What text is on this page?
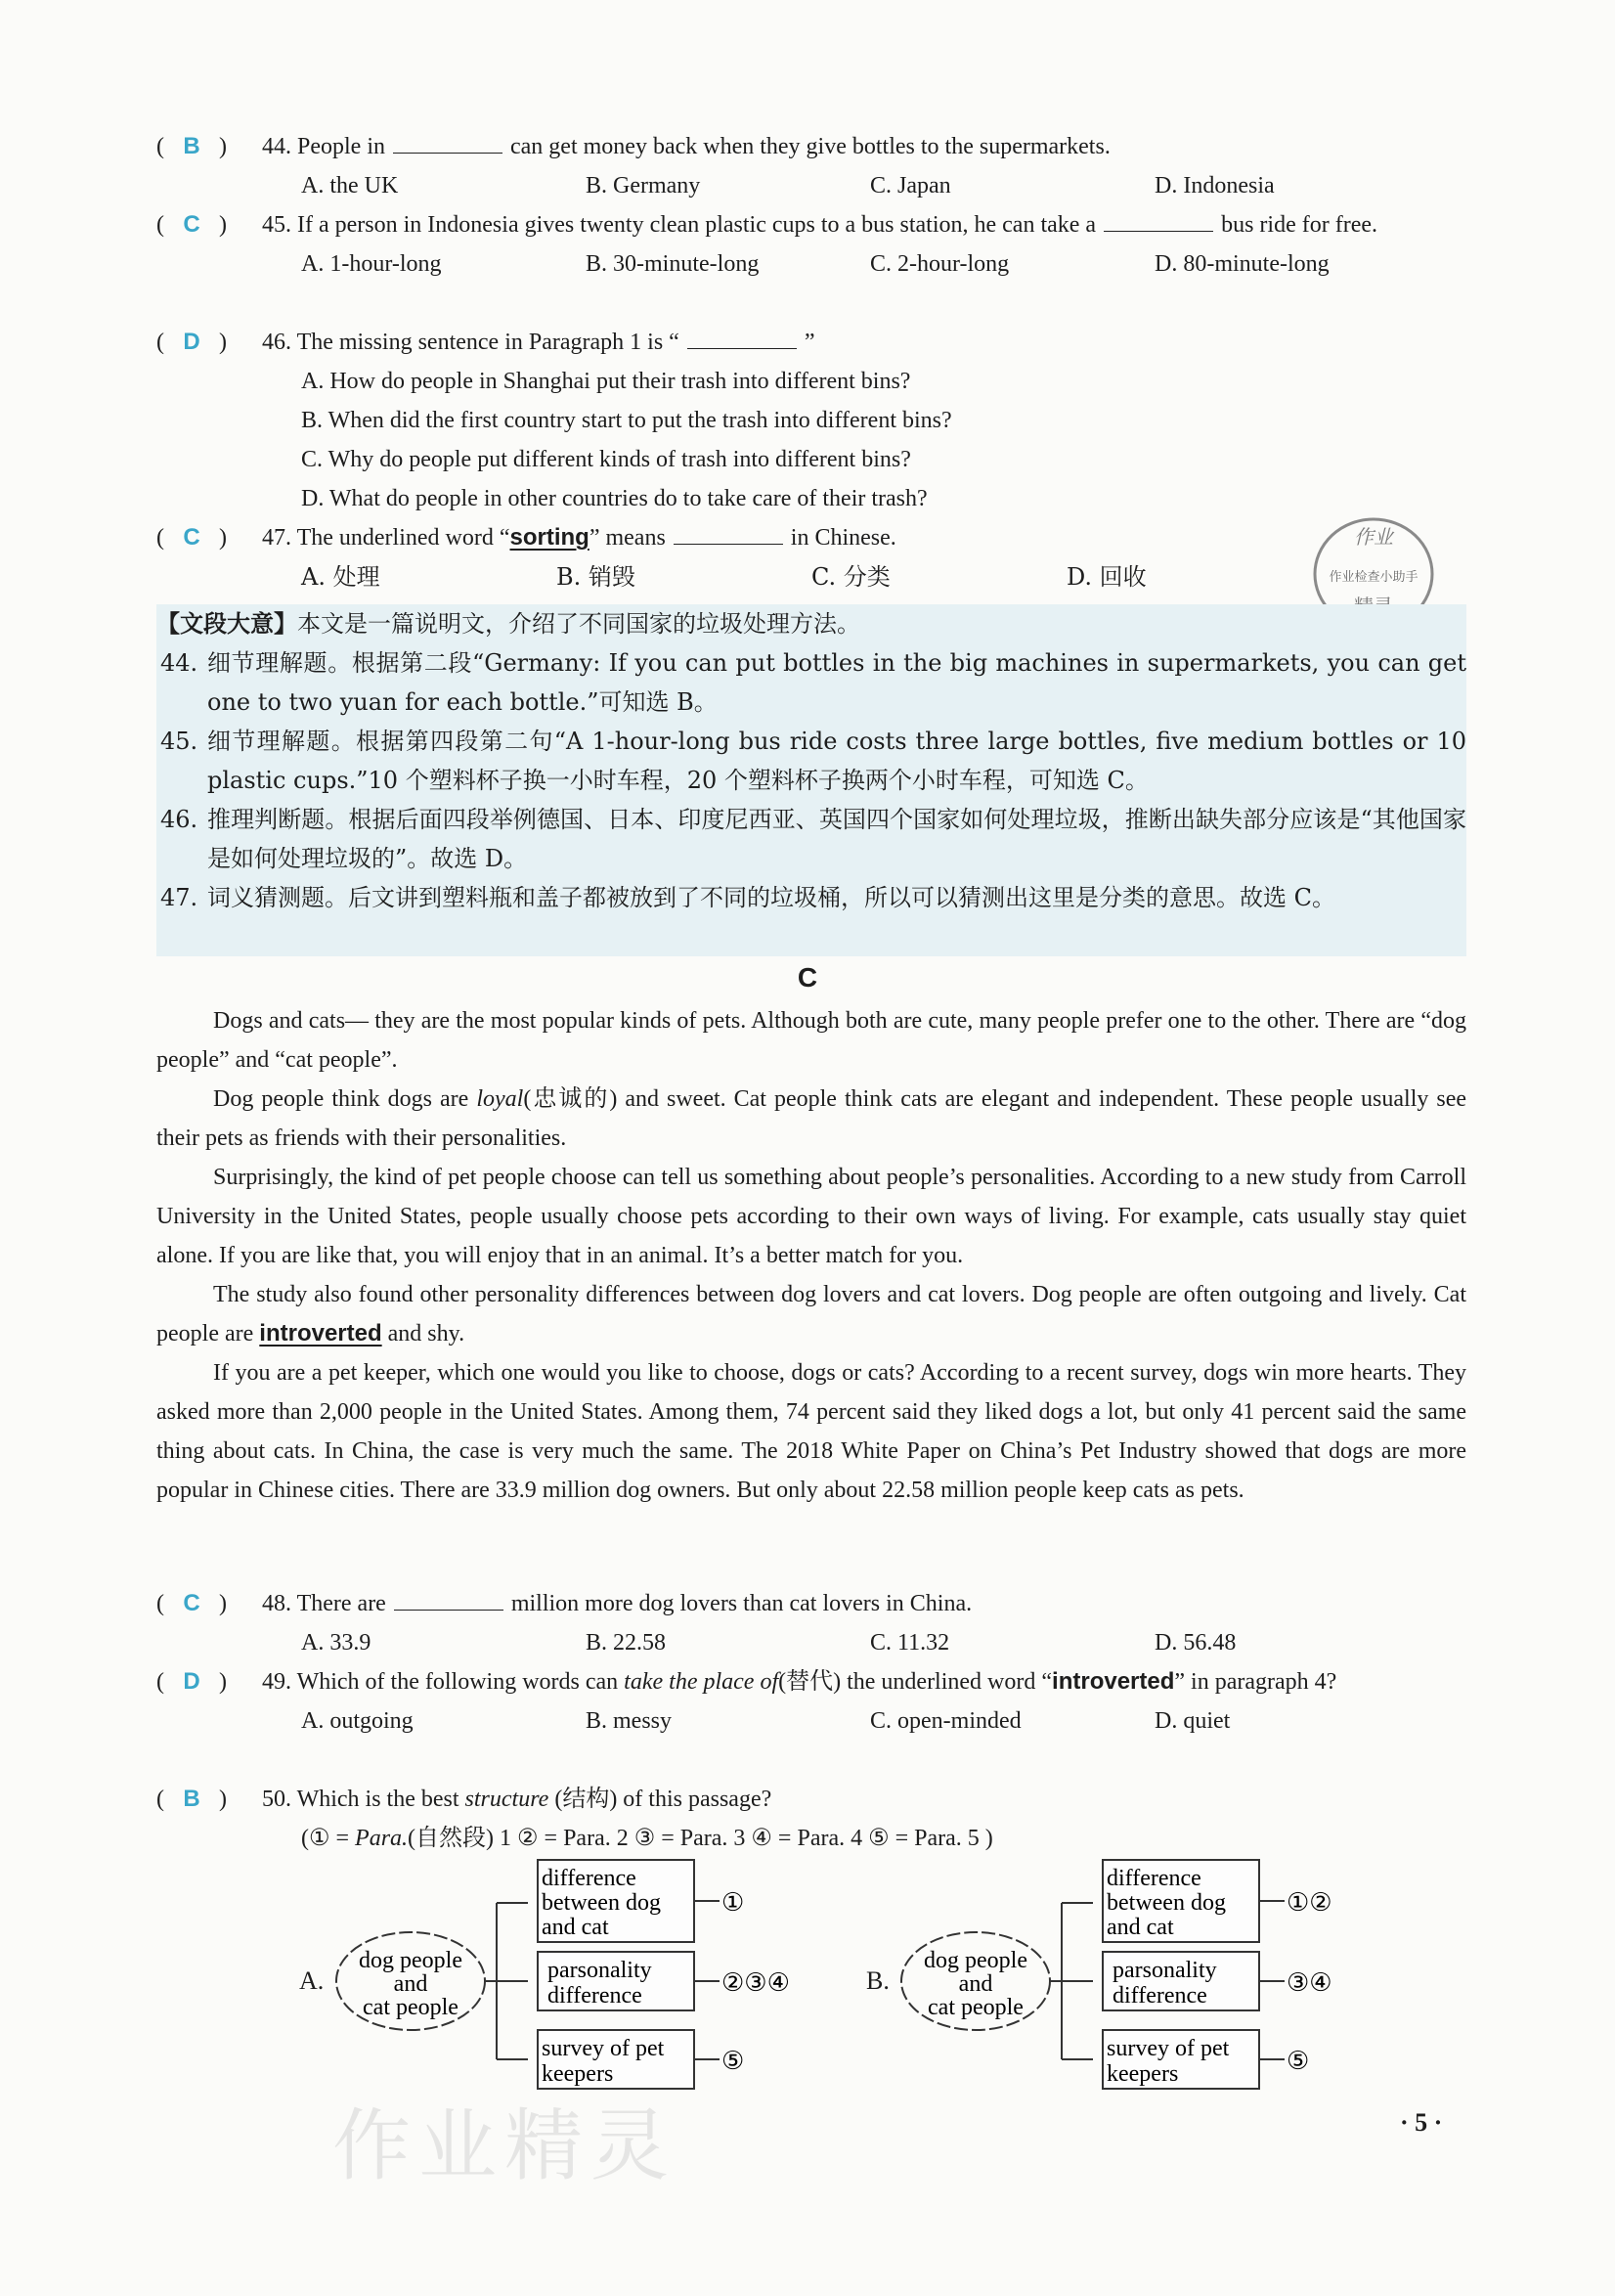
( B )	44. People in	can get money back when they give bottles to the supermarkets.
A. the UK	B. Germany	C. Japan	D. Indonesia
( C )	45. If a person in Indonesia gives twenty clean plastic cups to a bus station, he can take a	bus ride for free.
A. 1-hour-long	B. 30-minute-long	C. 2-hour-long	D. 80-minute-long
( D )	46. The missing sentence in Paragraph 1 is “	”
A. How do people in Shanghai put their trash into different bins?
B. When did the first country start to put the trash into different bins?
C. Why do people put different kinds of trash into different bins?
D. What do people in other countries do to take care of their trash?
( C )	47. The underlined word “sorting” means	in Chinese.
A. 处理	B. 销毁	C. 分类	D. 回收
作业
作业检查小助手

【文段大意】本文是一篇说明文，介绍了不同国家的垃圾处理方法。

44. 细节理解题。根据第二段“Germany: If you can put bottles in the big machines in supermarkets, you can get one to two yuan for each bottle.”可知选 B。

45. 细节理解题。根据第四段第二句“A 1-hour-long bus ride costs three large bottles, five medium bottles or 10 plastic cups.”10 个塑料杯子换一小时车程，20 个塑料杯子换两个小时车程，可知选 C。

46. 推理判断题。根据后面四段举例德国、日本、印度尼西亚、英国四个国家如何处理垃圾，推断出缺失部分应该是“其他国家是如何处理垃圾的”。故选 D。

47. 词义猜测题。后文讲到塑料瓶和盖子都被放到了不同的垃圾桶，所以可以猜测出这里是分类的意思。故选 C。

C

Dogs and cats— they are the most popular kinds of pets. Although both are cute, many people prefer one to the other. There are “dog people” and “cat people”.

Dog people think dogs are loyal(忠诚的) and sweet. Cat people think cats are elegant and independent. These people usually see their pets as friends with their personalities.

Surprisingly, the kind of pet people choose can tell us something about people’s personalities. According to a new study from Carroll University in the United States, people usually choose pets according to their own ways of living. For example, cats usually stay quiet alone. If you are like that, you will enjoy that in an animal. It’s a better match for you.

The study also found other personality differences between dog lovers and cat lovers. Dog people are often outgoing and lively. Cat people are introverted and shy.

If you are a pet keeper, which one would you like to choose, dogs or cats? According to a recent survey, dogs win more hearts. They asked more than 2,000 people in the United States. Among them, 74 percent said they liked dogs a lot, but only 41 percent said the same thing about cats. In China, the case is very much the same. The 2018 White Paper on China’s Pet Industry showed that dogs are more popular in Chinese cities. There are 33.9 million dog owners. But only about 22.58 million people keep cats as pets.

( C )	48. There are	million more dog lovers than cat lovers in China.
A. 33.9	B. 22.58	C. 11.32	D. 56.48
( D )	49. Which of the following words can take the place of(替代) the underlined word “introverted” in paragraph 4?
A. outgoing	B. messy	C. open-minded	D. quiet
( B )	50. Which is the best structure (结构) of this passage?
(① = Para.(自然段) 1 ② = Para. 2 ③ = Para. 3 ④ = Para. 4 ⑤ = Para. 5 )
A.
dog people
and
cat people
difference
between dog
and cat
parsonality
difference
survey of pet
keepers
①
②③④
⑤
B.
dog people
and
cat people
difference
between dog
and cat
parsonality
difference
survey of pet
keepers
①②
③④
⑤
作业精灵	· 5 ·
